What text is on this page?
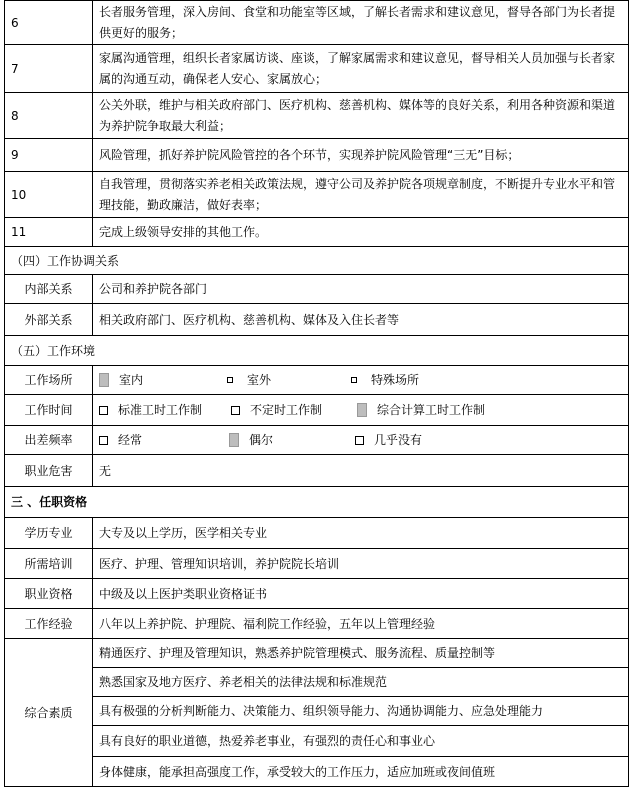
6	长者服务管理，深入房间、食堂和功能室等区域，了解长者需求和建议意见，督导各部门为长者提供更好的服务；
7	家属沟通管理，组织长者家属访谈、座谈，了解家属需求和建议意见，督导相关人员加强与长者家属的沟通互动，确保老人安心、家属放心；
8	公关外联，维护与相关政府部门、医疗机构、慈善机构、媒体等的良好关系，利用各种资源和渠道为养护院争取最大利益；
9	风险管理，抓好养护院风险管控的各个环节，实现养护院风险管理“三无”目标；
10	自我管理，贯彻落实养老相关政策法规，遵守公司及养护院各项规章制度，不断提升专业水平和管理技能，勤政廉洁，做好表率；
11	完成上级领导安排的其他工作。
（四）工作协调关系	
内部关系	公司和养护院各部门
外部关系	相关政府部门、医疗机构、慈善机构、媒体及入住长者等
（五）工作环境	
工作场所	室内 室外 特殊场所

工作时间	标准工时工作制 不定时工作制 综合计算工时工作制

出差频率	经常 偶尔 几乎没有

职业危害	无
三 、任职资格	
学历专业	大专及以上学历，医学相关专业
所需培训	医疗、护理、管理知识培训，养护院院长培训
职业资格	中级及以上医护类职业资格证书
工作经验	八年以上养护院、护理院、福利院工作经验，五年以上管理经验
综合素质	精通医疗、护理及管理知识，熟悉养护院管理模式、服务流程、质量控制等
	熟悉国家及地方医疗、养老相关的法律法规和标准规范
	具有极强的分析判断能力、决策能力、组织领导能力、沟通协调能力、应急处理能力
	具有良好的职业道德，热爱养老事业，有强烈的责任心和事业心
	身体健康，能承担高强度工作，承受较大的工作压力，适应加班或夜间值班
